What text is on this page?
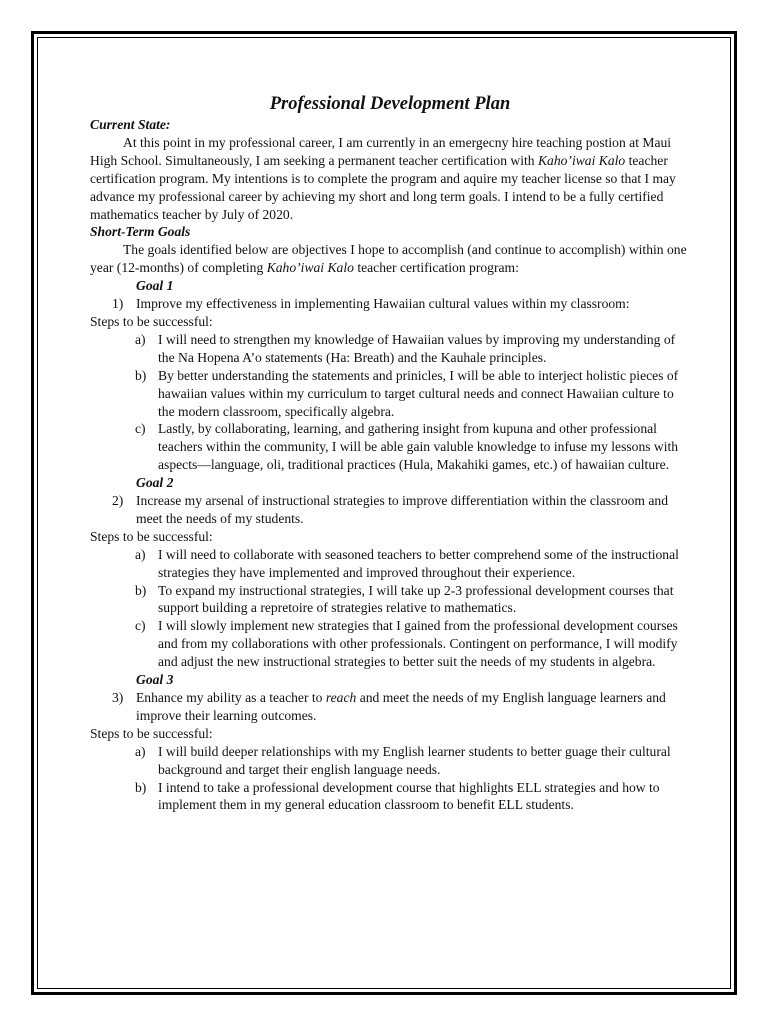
Professional Development Plan
Current State:

At this point in my professional career, I am currently in an emergecny hire teaching postion at Maui High School. Simultaneously, I am seeking a permanent teacher certification with Kaho’iwai Kalo teacher certification program. My intentions is to complete the program and aquire my teacher license so that I may advance my professional career by achieving my short and long term goals. I intend to be a fully certified mathematics teacher by July of 2020.

Short-Term Goals

The goals identified below are objectives I hope to accomplish (and continue to accomplish) within one year (12-months) of completing Kaho’iwai Kalo teacher certification program:

Goal 1
1) Improve my effectiveness in implementing Hawaiian cultural values within my classroom:
Steps to be successful:
a) I will need to strengthen my knowledge of Hawaiian values by improving my understanding of the Na Hopena A’o statements (Ha: Breath) and the Kauhale principles.
b) By better understanding the statements and prinicles, I will be able to interject holistic pieces of hawaiian values within my curriculum to target cultural needs and connect Hawaiian culture to the modern classroom, specifically algebra.
c) Lastly, by collaborating, learning, and gathering insight from kupuna and other professional teachers within the community, I will be able gain valuble knowledge to infuse my lessons with aspects—language, oli, traditional practices (Hula, Makahiki games, etc.) of hawaiian culture.
Goal 2
2) Increase my arsenal of instructional strategies to improve differentiation within the classroom and meet the needs of my students.
Steps to be successful:
a) I will need to collaborate with seasoned teachers to better comprehend some of the instructional strategies they have implemented and improved throughout their experience.
b) To expand my instructional strategies, I will take up 2-3 professional development courses that support building a repretoire of strategies relative to mathematics.
c) I will slowly implement new strategies that I gained from the professional development courses and from my collaborations with other professionals. Contingent on performance, I will modify and adjust the new instructional strategies to better suit the needs of my students in algebra.
Goal 3
3) Enhance my ability as a teacher to reach and meet the needs of my English language learners and improve their learning outcomes.
Steps to be successful:
a) I will build deeper relationships with my English learner students to better guage their cultural background and target their english language needs.
b) I intend to take a professional development course that highlights ELL strategies and how to implement them in my general education classroom to benefit ELL students.
